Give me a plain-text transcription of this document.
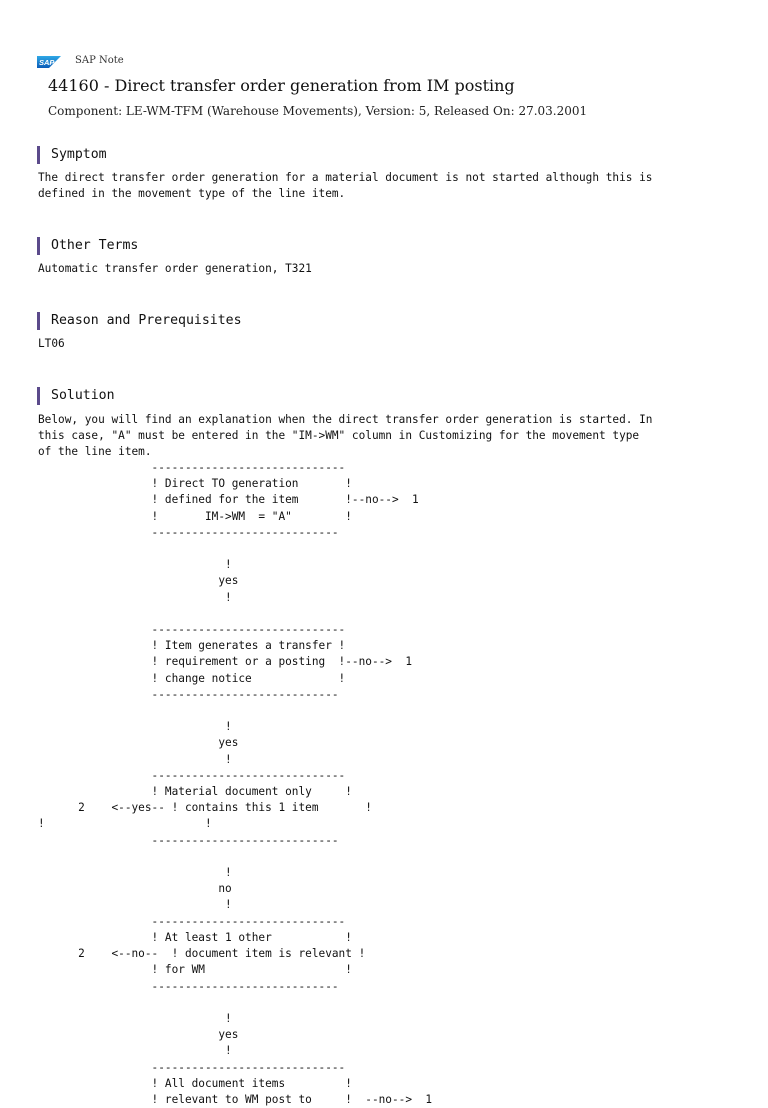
SAP SAP Note
44160 - Direct transfer order generation from IM posting
Component: LE-WM-TFM (Warehouse Movements), Version: 5, Released On: 27.03.2001
Symptom
The direct transfer order generation for a material document is not started although this is
defined in the movement type of the line item.
Other Terms
Automatic transfer order generation, T321
Reason and Prerequisites
LT06
Solution
Below, you will find an explanation when the direct transfer order generation is started. In
this case, "A" must be entered in the "IM->WM" column in Customizing for the movement type
of the line item.
-----------------------------
! Direct TO generation       !
! defined for the item       !--no-->  1
!       IM->WM  = "A"        !
----------------------------

!
yes
!

-----------------------------
! Item generates a transfer !
! requirement or a posting  !--no-->  1
! change notice             !
----------------------------

!
yes
!
-----------------------------
! Material document only     !
2    <--yes-- ! contains this 1 item       !
!                        !
----------------------------

!
no
!
-----------------------------
! At least 1 other           !
2    <--no--  ! document item is relevant !
! for WM                     !
----------------------------

!
yes
!
-----------------------------
! All document items         !
! relevant to WM post to     !  --no-->  1
